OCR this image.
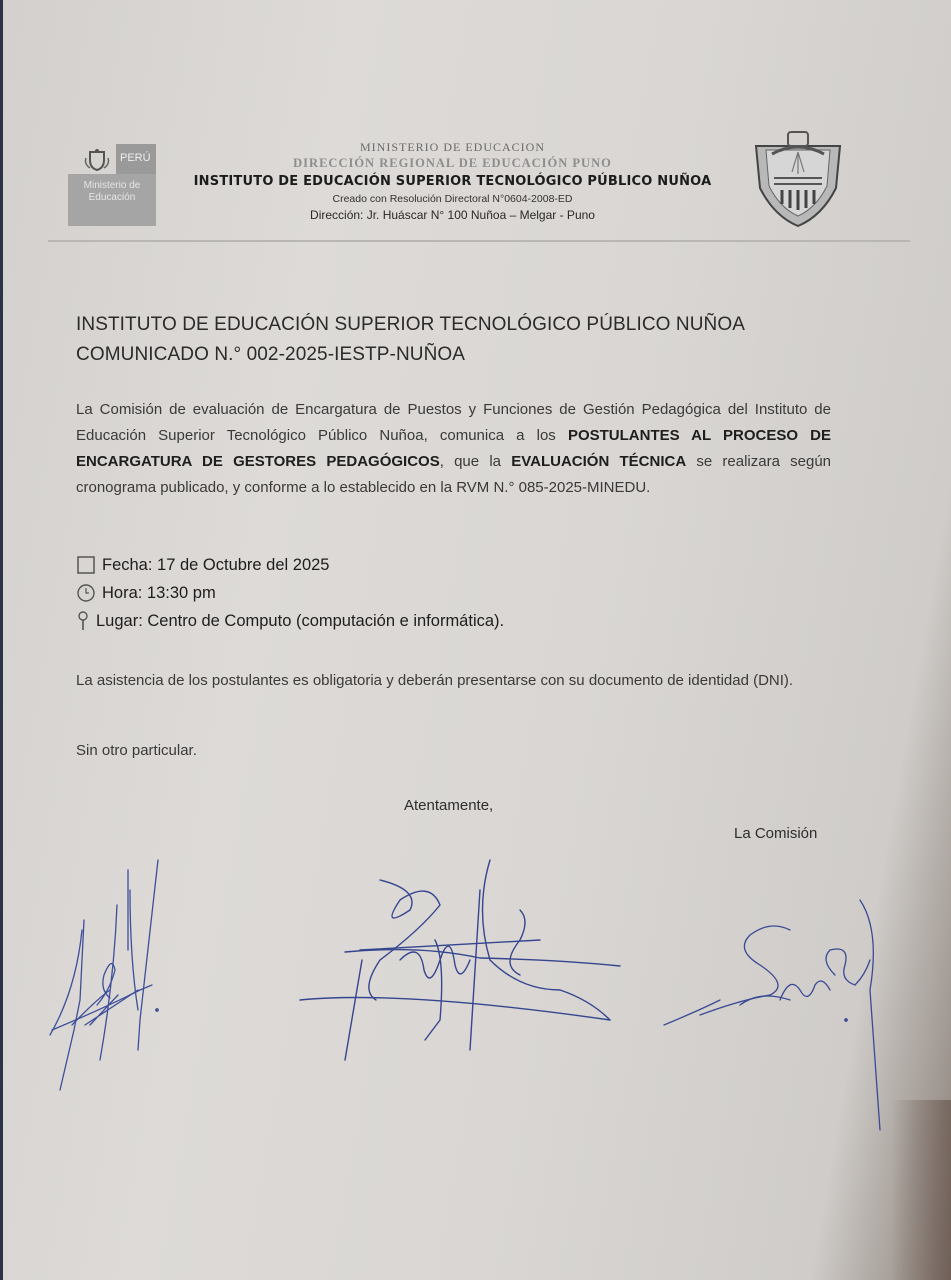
PERÚ
Ministerio de Educación
MINISTERIO DE EDUCACION
DIRECCIÓN REGIONAL DE EDUCACIÓN PUNO
INSTITUTO DE EDUCACIÓN SUPERIOR TECNOLÓGICO PÚBLICO NUÑOA
Creado con Resolución Directoral N°0604-2008-ED
Dirección: Jr. Huáscar N° 100 Nuñoa – Melgar - Puno
INSTITUTO DE EDUCACIÓN SUPERIOR TECNOLÓGICO PÚBLICO NUÑOA
COMUNICADO N.° 002-2025-IESTP-NUÑOA
La Comisión de evaluación de Encargatura de Puestos y Funciones de Gestión Pedagógica del Instituto de Educación Superior Tecnológico Público Nuñoa, comunica a los POSTULANTES AL PROCESO DE ENCARGATURA DE GESTORES PEDAGÓGICOS, que la EVALUACIÓN TÉCNICA se realizara según cronograma publicado, y conforme a lo establecido en la RVM N.° 085-2025-MINEDU.
Fecha: 17 de Octubre del 2025
Hora: 13:30 pm
Lugar: Centro de Computo (computación e informática).
La asistencia de los postulantes es obligatoria y deberán presentarse con su documento de identidad (DNI).
Sin otro particular.
Atentamente,
La Comisión
